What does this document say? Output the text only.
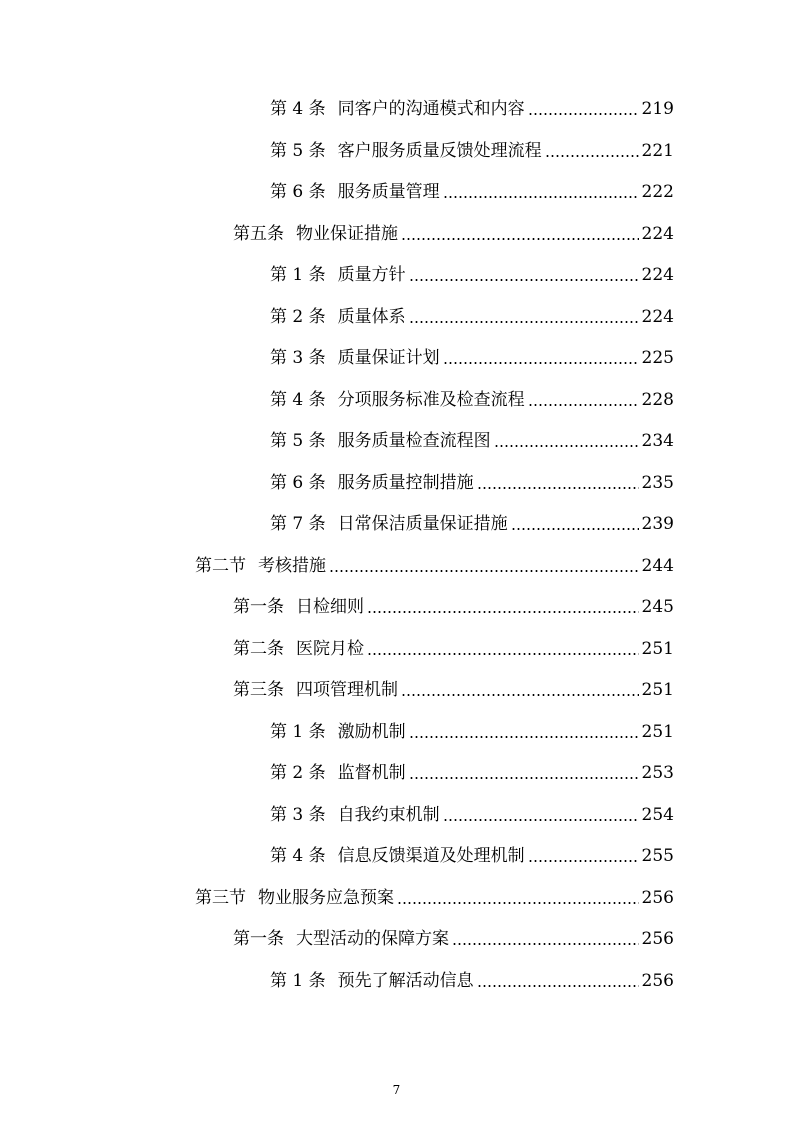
第 4 条 同客户的沟通模式和内容	219
第 5 条 客户服务质量反馈处理流程	221
第 6 条 服务质量管理	222
第五条 物业保证措施	224
第 1 条 质量方针	224
第 2 条 质量体系	224
第 3 条 质量保证计划	225
第 4 条 分项服务标准及检查流程	228
第 5 条 服务质量检查流程图	234
第 6 条 服务质量控制措施	235
第 7 条 日常保洁质量保证措施	239
第二节 考核措施	244
第一条 日检细则	245
第二条 医院月检	251
第三条 四项管理机制	251
第 1 条 激励机制	251
第 2 条 监督机制	253
第 3 条 自我约束机制	254
第 4 条 信息反馈渠道及处理机制	255
第三节 物业服务应急预案	256
第一条 大型活动的保障方案	256
第 1 条 预先了解活动信息	256
7
